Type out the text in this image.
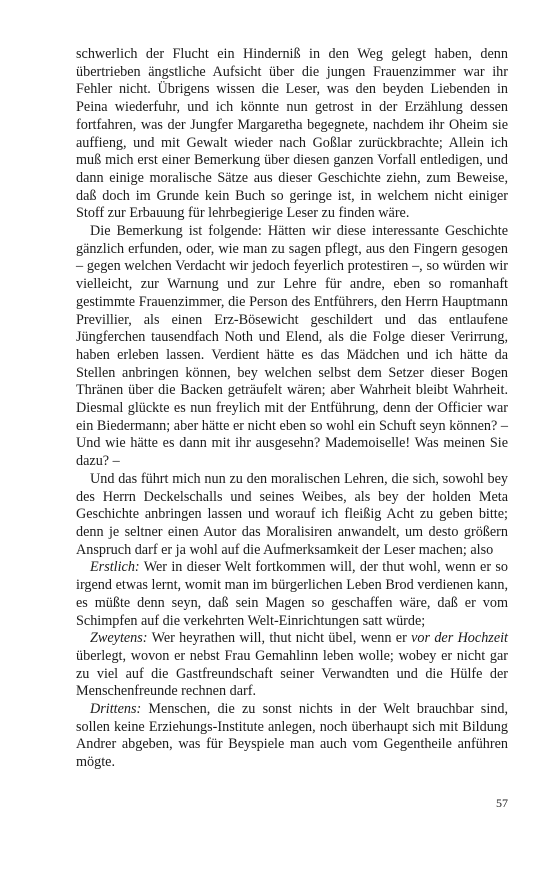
schwerlich der Flucht ein Hinderniß in den Weg gelegt haben, denn übertrieben ängstliche Aufsicht über die jungen Frauenzimmer war ihr Fehler nicht. Übrigens wissen die Leser, was den beyden Liebenden in Peina wiederfuhr, und ich könnte nun getrost in der Erzählung dessen fortfahren, was der Jungfer Margaretha begegnete, nachdem ihr Oheim sie auffieng, und mit Gewalt wieder nach Goßlar zurückbrachte; Allein ich muß mich erst einer Bemerkung über diesen ganzen Vorfall entledigen, und dann einige moralische Sätze aus dieser Geschichte ziehn, zum Beweise, daß doch im Grunde kein Buch so geringe ist, in welchem nicht einiger Stoff zur Erbauung für lehrbegierige Leser zu finden wäre.

Die Bemerkung ist folgende: Hätten wir diese interessante Geschichte gänzlich erfunden, oder, wie man zu sagen pflegt, aus den Fingern gesogen – gegen welchen Verdacht wir jedoch feyerlich protestiren –, so würden wir vielleicht, zur Warnung und zur Lehre für andre, eben so romanhaft gestimmte Frauenzimmer, die Person des Entführers, den Herrn Hauptmann Previllier, als einen Erz-Bösewicht geschildert und das entlaufene Jüngferchen tausendfach Noth und Elend, als die Folge dieser Verirrung, haben erleben lassen. Verdient hätte es das Mädchen und ich hätte da Stellen anbringen können, bey welchen selbst dem Setzer dieser Bogen Thränen über die Backen geträufelt wären; aber Wahrheit bleibt Wahrheit. Diesmal glückte es nun freylich mit der Entführung, denn der Officier war ein Biedermann; aber hätte er nicht eben so wohl ein Schuft seyn können? – Und wie hätte es dann mit ihr ausgesehn? Mademoiselle! Was meinen Sie dazu? –

Und das führt mich nun zu den moralischen Lehren, die sich, sowohl bey des Herrn Deckelschalls und seines Weibes, als bey der holden Meta Geschichte anbringen lassen und worauf ich fleißig Acht zu geben bitte; denn je seltner einen Autor das Moralisiren anwandelt, um desto größern Anspruch darf er ja wohl auf die Aufmerksamkeit der Leser machen; also

Erstlich: Wer in dieser Welt fortkommen will, der thut wohl, wenn er so irgend etwas lernt, womit man im bürgerlichen Leben Brod verdienen kann, es müßte denn seyn, daß sein Magen so geschaffen wäre, daß er vom Schimpfen auf die verkehrten Welt-Einrichtungen satt würde;

Zweytens: Wer heyrathen will, thut nicht übel, wenn er vor der Hochzeit überlegt, wovon er nebst Frau Gemahlinn leben wolle; wobey er nicht gar zu viel auf die Gastfreundschaft seiner Verwandten und die Hülfe der Menschenfreunde rechnen darf.

Drittens: Menschen, die zu sonst nichts in der Welt brauchbar sind, sollen keine Erziehungs-Institute anlegen, noch überhaupt sich mit Bildung Andrer abgeben, was für Beyspiele man auch vom Gegentheile anführen mögte.

57
